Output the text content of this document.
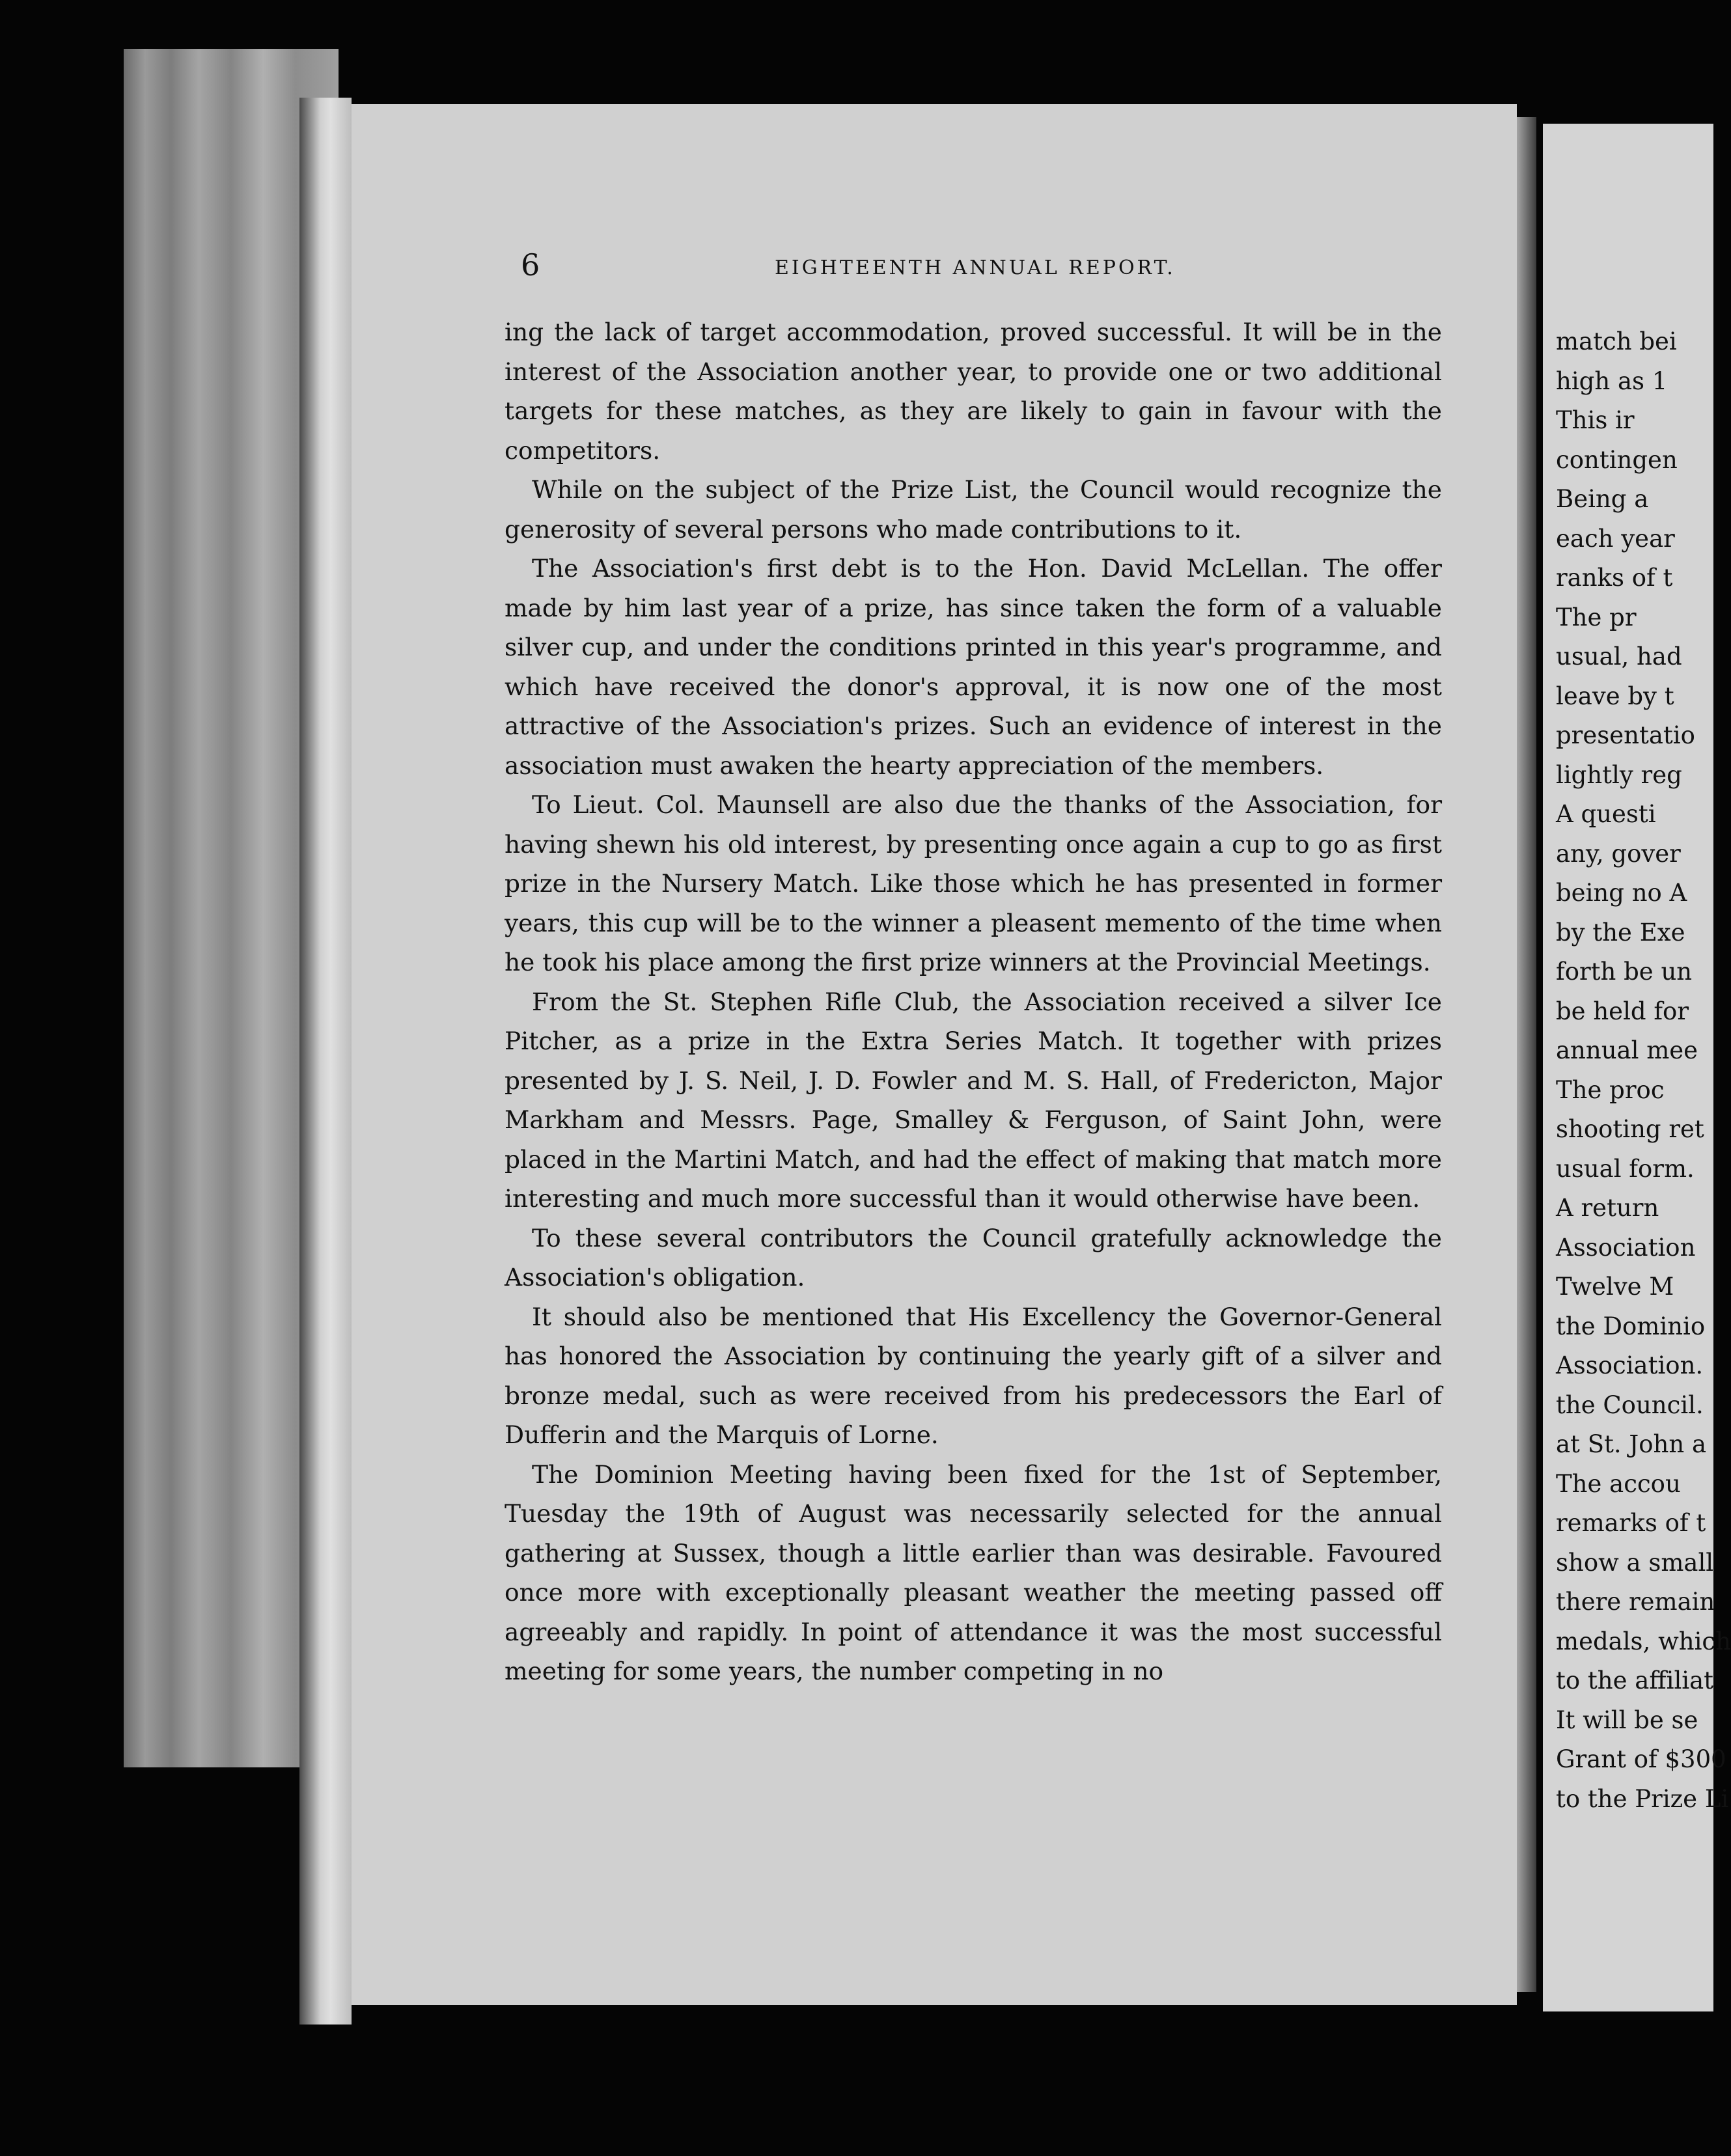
6	EIGHTEENTH ANNUAL REPORT.

ing the lack of target accommodation, proved successful. It will be in the interest of the Association another year, to provide one or two additional targets for these matches, as they are likely to gain in favour with the competitors.

While on the subject of the Prize List, the Council would recognize the generosity of several persons who made contributions to it.

The Association's first debt is to the Hon. David McLellan. The offer made by him last year of a prize, has since taken the form of a valuable silver cup, and under the conditions printed in this year's programme, and which have received the donor's approval, it is now one of the most attractive of the Association's prizes. Such an evidence of interest in the association must awaken the hearty appreciation of the members.

To Lieut. Col. Maunsell are also due the thanks of the Association, for having shewn his old interest, by presenting once again a cup to go as first prize in the Nursery Match. Like those which he has presented in former years, this cup will be to the winner a pleasent memento of the time when he took his place among the first prize winners at the Provincial Meetings.

From the St. Stephen Rifle Club, the Association received a silver Ice Pitcher, as a prize in the Extra Series Match. It together with prizes presented by J. S. Neil, J. D. Fowler and M. S. Hall, of Fredericton, Major Markham and Messrs. Page, Smalley & Ferguson, of Saint John, were placed in the Martini Match, and had the effect of making that match more interesting and much more successful than it would otherwise have been.

To these several contributors the Council gratefully acknowledge the Association's obligation.

It should also be mentioned that His Excellency the Governor-General has honored the Association by continuing the yearly gift of a silver and bronze medal, such as were received from his predecessors the Earl of Dufferin and the Marquis of Lorne.

The Dominion Meeting having been fixed for the 1st of September, Tuesday the 19th of August was necessarily selected for the annual gathering at Sussex, though a little earlier than was desirable. Favoured once more with exceptionally pleasant weather the meeting passed off agreeably and rapidly. In point of attendance it was the most successful meeting for some years, the number competing in no

match bei
high as 1
This ir
contingen
Being a
each year
ranks of t
The pr
usual, had
leave by t
presentatio
lightly reg
A questi
any, gover
being no A
by the Exe
forth be un
be held for
annual mee
The proc
shooting ret
usual form.
A return
Association
Twelve M
the Dominio
Association.
the Council.
at St. John a
The accou
remarks of t
show a small
there remain
medals, which
to the affiliat
It will be se
Grant of $300
to the Prize Li
